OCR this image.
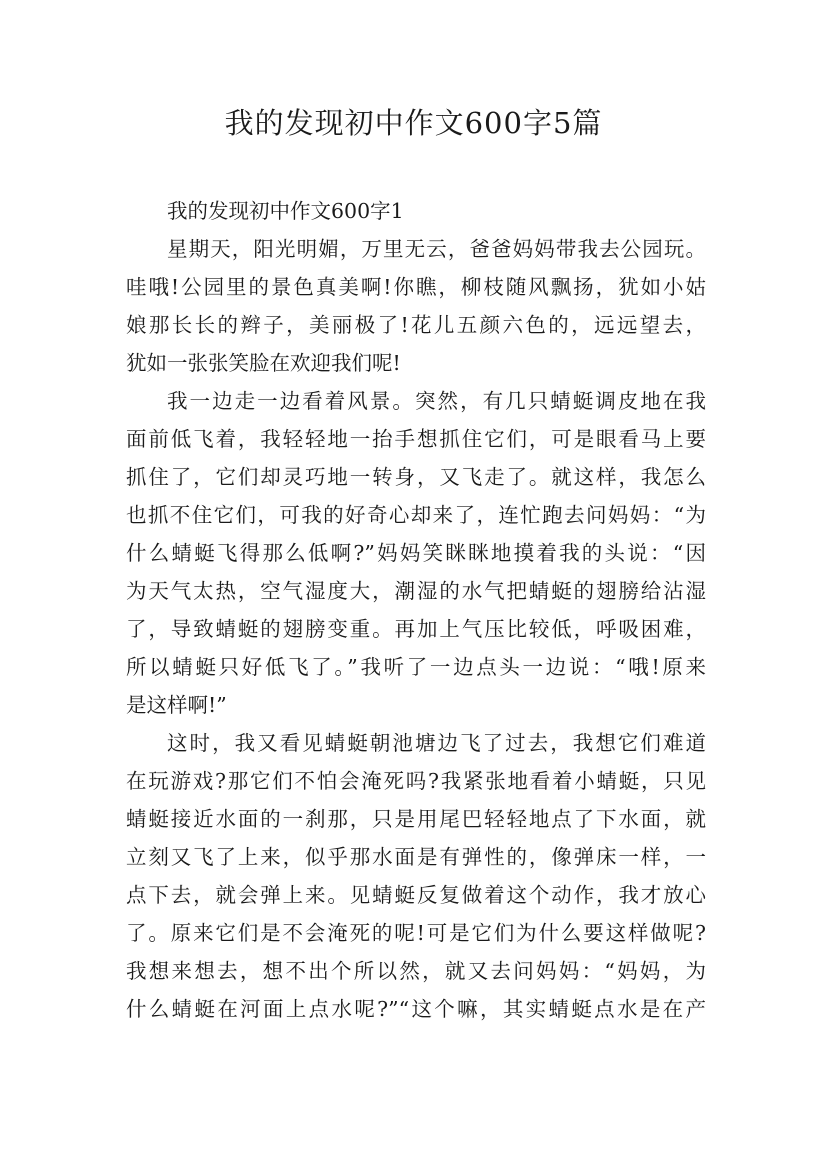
我的发现初中作文600字5篇
我的发现初中作文600字1
星期天，阳光明媚，万里无云，爸爸妈妈带我去公园玩。
哇哦!公园里的景色真美啊!你瞧，柳枝随风飘扬，犹如小姑
娘那长长的辫子，美丽极了!花儿五颜六色的，远远望去，
犹如一张张笑脸在欢迎我们呢!
我一边走一边看着风景。突然，有几只蜻蜓调皮地在我
面前低飞着，我轻轻地一抬手想抓住它们，可是眼看马上要
抓住了，它们却灵巧地一转身，又飞走了。就这样，我怎么
也抓不住它们，可我的好奇心却来了，连忙跑去问妈妈：“为
什么蜻蜓飞得那么低啊?”妈妈笑眯眯地摸着我的头说：“因
为天气太热，空气湿度大，潮湿的水气把蜻蜓的翅膀给沾湿
了，导致蜻蜓的翅膀变重。再加上气压比较低，呼吸困难，
所以蜻蜓只好低飞了。”我听了一边点头一边说：“哦!原来
是这样啊!”
这时，我又看见蜻蜓朝池塘边飞了过去，我想它们难道
在玩游戏?那它们不怕会淹死吗?我紧张地看着小蜻蜓，只见
蜻蜓接近水面的一刹那，只是用尾巴轻轻地点了下水面，就
立刻又飞了上来，似乎那水面是有弹性的，像弹床一样，一
点下去，就会弹上来。见蜻蜓反复做着这个动作，我才放心
了。原来它们是不会淹死的呢!可是它们为什么要这样做呢?
我想来想去，想不出个所以然，就又去问妈妈：“妈妈，为
什么蜻蜓在河面上点水呢?”“这个嘛，其实蜻蜓点水是在产
